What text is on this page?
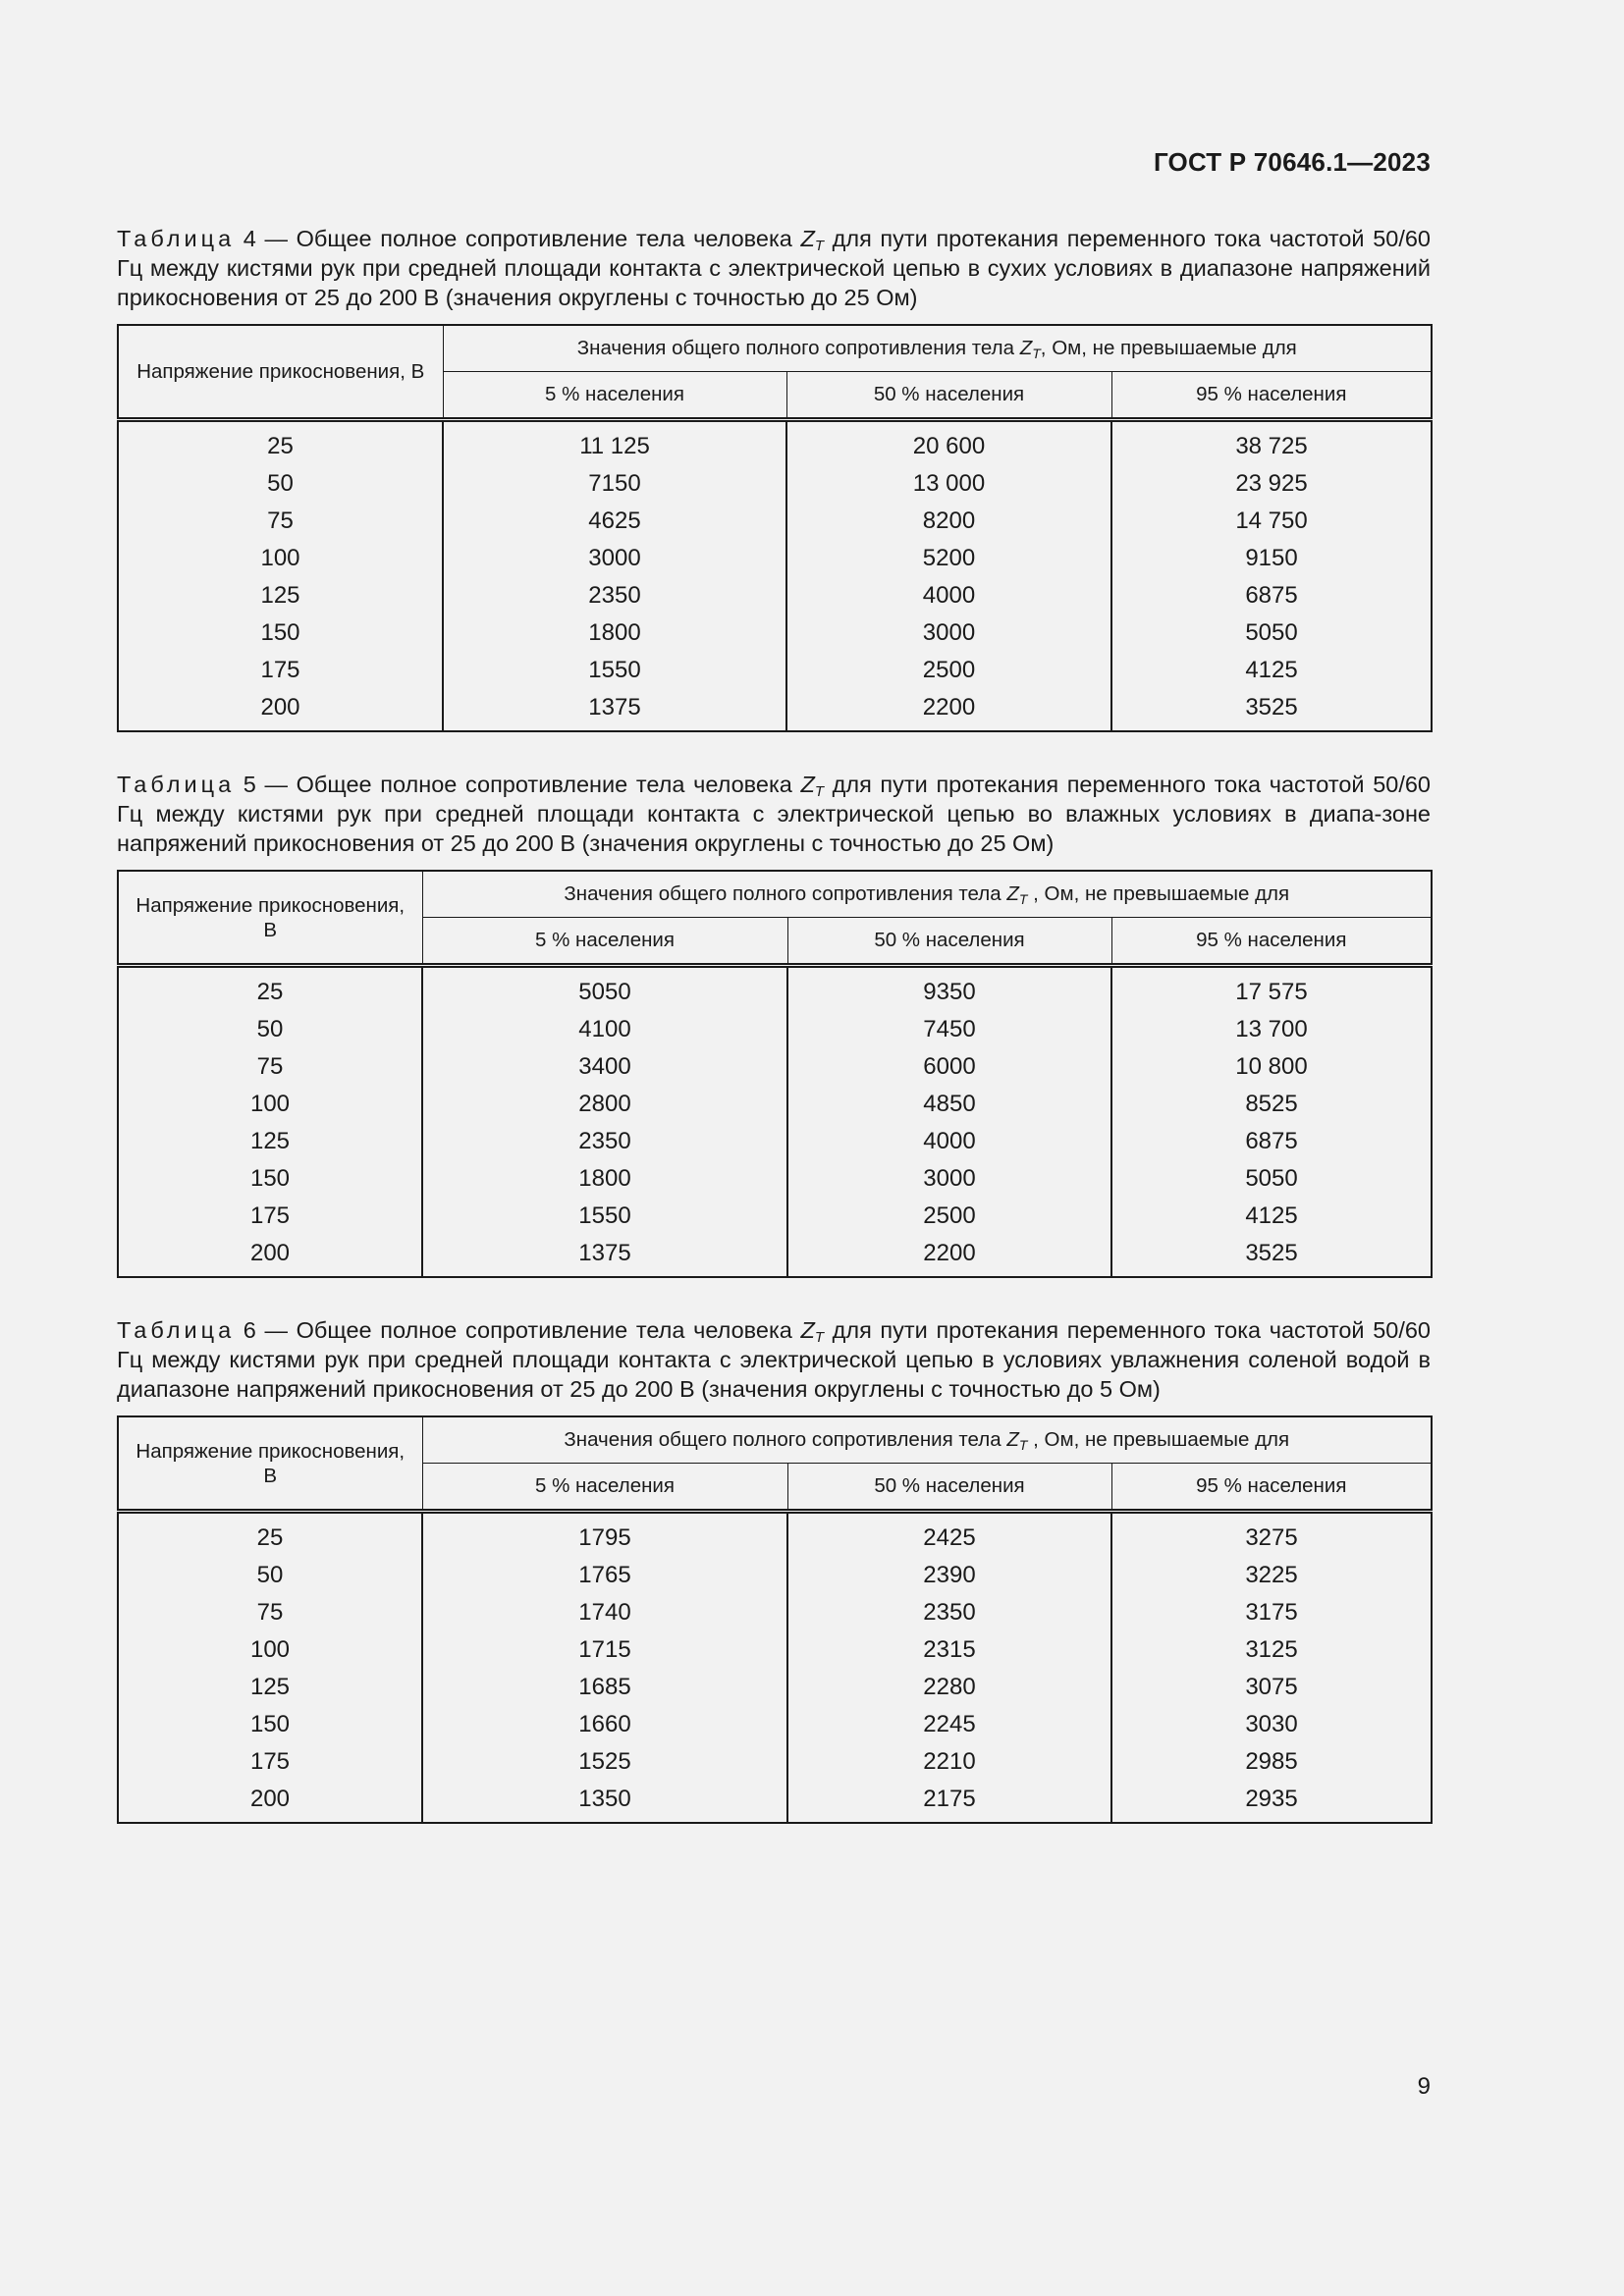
ГОСТ Р 70646.1—2023

Таблица 4 — Общее полное сопротивление тела человека $Z_T$ для пути протекания переменного тока частотой 50/60 Гц между кистями рук при средней площади контакта с электрической цепью в сухих условиях в диапазоне напряжений прикосновения от 25 до 200 В (значения округлены с точностью до 25 Ом)

Напряжение прикосновения, В	Значения общего полного сопротивления тела $Z_T$, Ом, не превышаемые для		
	5 % населения	50 % населения	95 % населения
25	11 125	20 600	38 725
50	7150	13 000	23 925
75	4625	8200	14 750
100	3000	5200	9150
125	2350	4000	6875
150	1800	3000	5050
175	1550	2500	4125
200	1375	2200	3525

Таблица 5 — Общее полное сопротивление тела человека $Z_T$ для пути протекания переменного тока частотой 50/60 Гц между кистями рук при средней площади контакта с электрической цепью во влажных условиях в диапа-зоне напряжений прикосновения от 25 до 200 В (значения округлены с точностью до 25 Ом)

Напряжение прикосновения, В	Значения общего полного сопротивления тела $Z_T$ , Ом, не превышаемые для		
	5 % населения	50 % населения	95 % населения
25	5050	9350	17 575
50	4100	7450	13 700
75	3400	6000	10 800
100	2800	4850	8525
125	2350	4000	6875
150	1800	3000	5050
175	1550	2500	4125
200	1375	2200	3525

Таблица 6 — Общее полное сопротивление тела человека $Z_T$ для пути протекания переменного тока частотой 50/60 Гц между кистями рук при средней площади контакта с электрической цепью в условиях увлажнения соленой водой в диапазоне напряжений прикосновения от 25 до 200 В (значения округлены с точностью до 5 Ом)

Напряжение прикосновения, В	Значения общего полного сопротивления тела $Z_T$ , Ом, не превышаемые для		
	5 % населения	50 % населения	95 % населения
25	1795	2425	3275
50	1765	2390	3225
75	1740	2350	3175
100	1715	2315	3125
125	1685	2280	3075
150	1660	2245	3030
175	1525	2210	2985
200	1350	2175	2935
9
